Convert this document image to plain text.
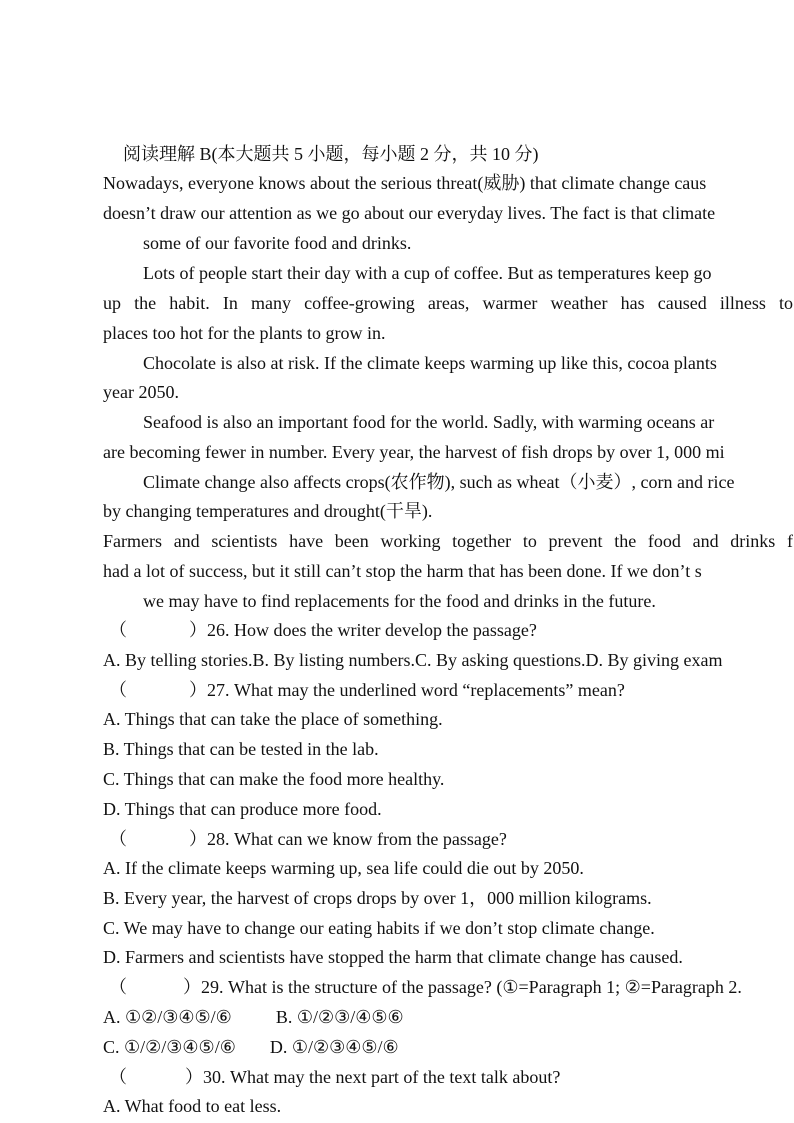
阅读理解 B(本大题共 5 小题，每小题 2 分，共 10 分)
Nowadays, everyone knows about the serious threat(威胁) that climate change caus
doesn’t draw our attention as we go about our everyday lives. The fact is that climate
some of our favorite food and drinks.
Lots of people start their day with a cup of coffee. But as temperatures keep go
up the habit. In many coffee-growing areas, warmer weather has caused illness to
places too hot for the plants to grow in.
Chocolate is also at risk. If the climate keeps warming up like this, cocoa plants
year 2050.
Seafood is also an important food for the world. Sadly, with warming oceans ar
are becoming fewer in number. Every year, the harvest of fish drops by over 1, 000 mi
Climate change also affects crops(农作物), such as wheat（小麦）, corn and rice
by changing temperatures and drought(干旱).
Farmers and scientists have been working together to prevent the food and drinks f
had a lot of success, but it still can’t stop the harm that has been done. If we don’t s
we may have to find replacements for the food and drinks in the future.
（	）26. How does the writer develop the passage?
A. By telling stories.B. By listing numbers.C. By asking questions.D. By giving exam
（	）27. What may the underlined word “replacements” mean?
A. Things that can take the place of something.
B. Things that can be tested in the lab.
C. Things that can make the food more healthy.
D. Things that can produce more food.
（	）28. What can we know from the passage?
A. If the climate keeps warming up, sea life could die out by 2050.
B. Every year, the harvest of crops drops by over 1，000 million kilograms.
C. We may have to change our eating habits if we don’t stop climate change.
D. Farmers and scientists have stopped the harm that climate change has caused.
（	）29. What is the structure of the passage? (①=Paragraph 1; ②=Paragraph 2.
A. ①②/③④⑤/⑥ B. ①/②③/④⑤⑥
C. ①/②/③④⑤/⑥ D. ①/②③④⑤/⑥
（	）30. What may the next part of the text talk about?
A. What food to eat less.
